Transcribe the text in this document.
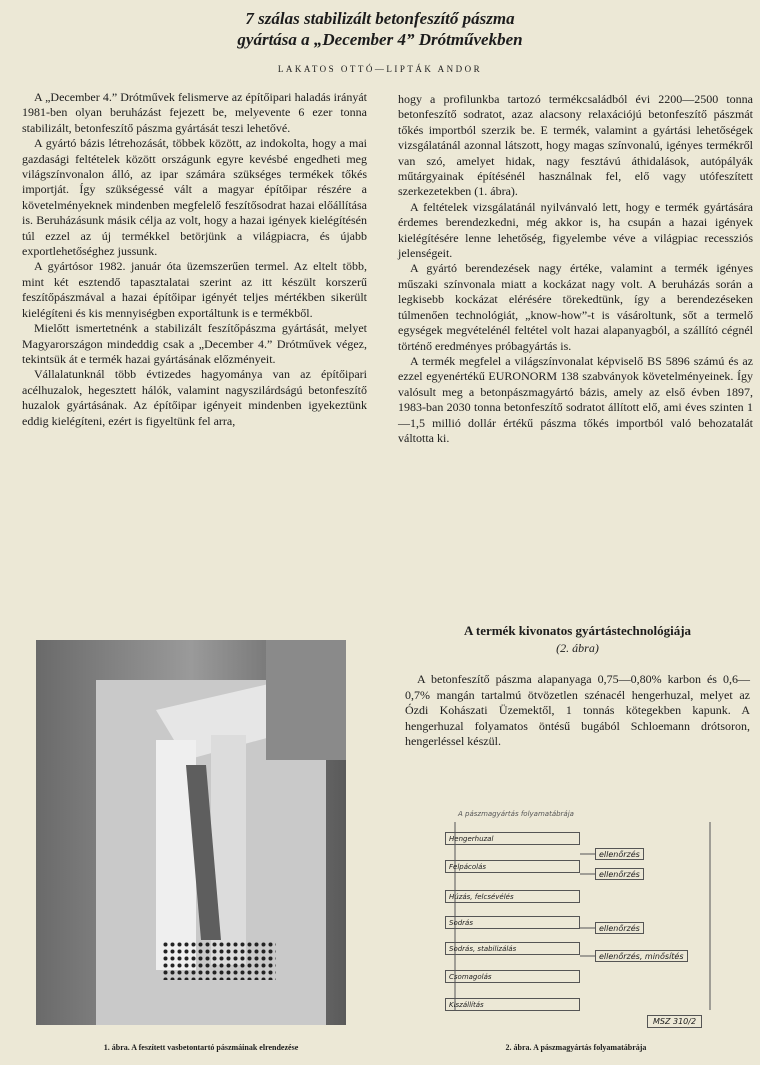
7 szálas stabilizált betonfeszítő pászma
gyártása a „December 4” Drótművekben
LAKATOS OTTÓ—LIPTÁK ANDOR

A „December 4.” Drótművek felismerve az építőipari haladás irányát 1981-ben olyan beruházást fejezett be, melyevente 6 ezer tonna stabilizált, betonfeszítő pászma gyártását teszi lehetővé.

A gyártó bázis létrehozását, többek között, az indokolta, hogy a mai gazdasági feltételek között országunk egyre kevésbé engedheti meg világszínvonalon álló, az ipar számára szükséges termékek tőkés importját. Így szükségessé vált a magyar építőipar részére a követelményeknek mindenben megfelelő feszítősodrat hazai előállítása is. Beruházásunk másik célja az volt, hogy a hazai igények kielégítésén túl ezzel az új termékkel betörjünk a világpiacra, és újabb exportlehetőséghez jussunk.

A gyártósor 1982. január óta üzemszerűen termel. Az eltelt több, mint két esztendő tapasztalatai szerint az itt készült korszerű feszítőpászmával a hazai építőipar igényét teljes mértékben sikerült kielégíteni és kis mennyiségben exportáltunk is e termékből.

Mielőtt ismertetnénk a stabilizált feszítőpászma gyártását, melyet Magyarországon mindeddig csak a „December 4.” Drótművek végez, tekintsük át e termék hazai gyártásának előzményeit.

Vállalatunknál több évtizedes hagyománya van az építőipari acélhuzalok, hegesztett hálók, valamint nagyszilárdságú betonfeszítő huzalok gyártásának. Az építőipar igényeit mindenben igyekeztünk eddig kielégíteni, ezért is figyeltünk fel arra,

hogy a profilunkba tartozó termékcsaládból évi 2200—2500 tonna betonfeszítő sodratot, azaz alacsony relaxációjú betonfeszítő pászmát tőkés importból szerzik be. E termék, valamint a gyártási lehetőségek vizsgálatánál azonnal látszott, hogy magas színvonalú, igényes termékről van szó, amelyet hidak, nagy fesztávú áthidalások, autópályák műtárgyainak építésénél használnak fel, elő vagy utófeszített szerkezetekben (1. ábra).

A feltételek vizsgálatánál nyilvánvaló lett, hogy e termék gyártására érdemes berendezkedni, még akkor is, ha csupán a hazai igények kielégítésére lenne lehetőség, figyelembe véve a világpiac recessziós jelenségeit.

A gyártó berendezések nagy értéke, valamint a termék igényes műszaki színvonala miatt a kockázat nagy volt. A beruházás során a legkisebb kockázat elérésére törekedtünk, így a berendezéseken túlmenően technológiát, „know-how”-t is vásároltunk, sőt a termelő egységek megvételénél feltétel volt hazai alapanyagból, a szállító cégnél történő eredményes próbagyártás is.

A termék megfelel a világszínvonalat képviselő BS 5896 számú és az ezzel egyenértékű EURONORM 138 szabványok követelményeinek. Így valósult meg a betonpászmagyártó bázis, amely az első évben 1897, 1983-ban 2030 tonna betonfeszítő sodratot állított elő, ami éves szinten 1—1,5 millió dollár értékű pászma tőkés importból való behozatalát váltotta ki.

A termék kivonatos gyártástechnológiája
(2. ábra)

A betonfeszítő pászma alapanyaga 0,75—0,80% karbon és 0,6—0,7% mangán tartalmú ötvözetlen szénacél hengerhuzal, melyet az Ózdi Kohászati Üzemektől, 1 tonnás kötegekben kapunk. A hengerhuzal folyamatos öntésű bugából Schloemann drótsoron, hengerléssel készül.

A pászmagyártás folyamatábrája
Hengerhuzal
Felpácolás
Húzás, felcsévélés
Sodrás
Sodrás, stabilizálás
Csomagolás
Kiszállítás
ellenőrzés
ellenőrzés
ellenőrzés
ellenőrzés, minősítés
MSZ 310/2
1. ábra. A feszített vasbetontartó pászmáinak elrendezése	2. ábra. A pászmagyártás folyamatábrája
